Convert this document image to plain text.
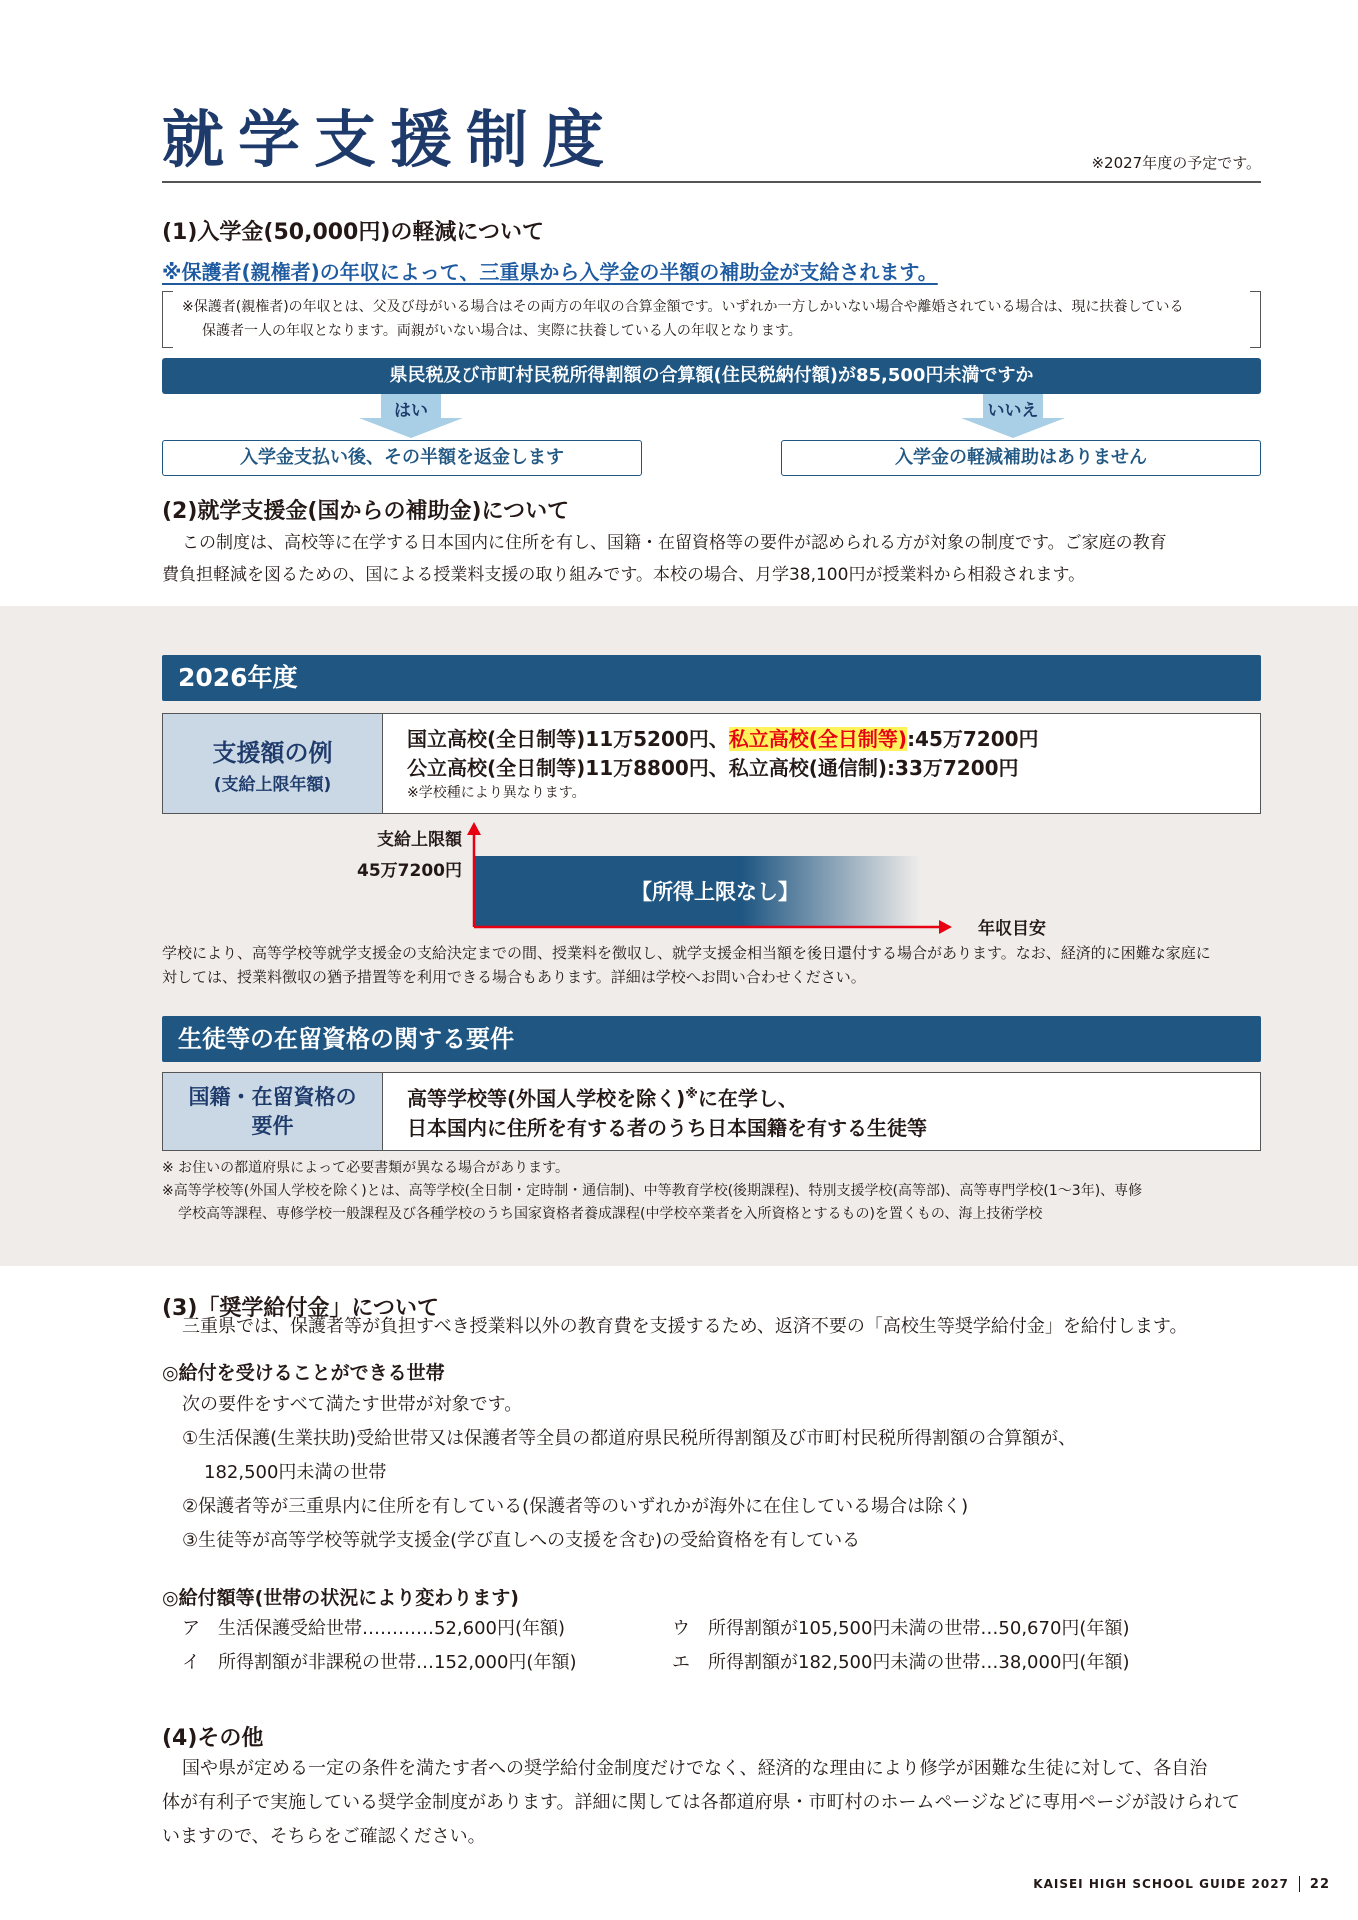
就学支援制度	※2027年度の予定です。
(1)入学金(50,000円)の軽減について
※保護者(親権者)の年収によって、三重県から入学金の半額の補助金が支給されます。
※保護者(親権者)の年収とは、父及び母がいる場合はその両方の年収の合算金額です。いずれか一方しかいない場合や離婚されている場合は、現に扶養している
保護者一人の年収となります。両親がいない場合は、実際に扶養している人の年収となります。
県民税及び市町村民税所得割額の合算額(住民税納付額)が85,500円未満ですか
はい	いいえ
入学金支払い後、その半額を返金します	入学金の軽減補助はありません
(2)就学支援金(国からの補助金)について
この制度は、高校等に在学する日本国内に住所を有し、国籍・在留資格等の要件が認められる方が対象の制度です。ご家庭の教育
費負担軽減を図るための、国による授業料支援の取り組みです。本校の場合、月学38,100円が授業料から相殺されます。
2026年度
支援額の例
(支給上限年額)
国立高校(全日制等)11万5200円、私立高校(全日制等):45万7200円
公立高校(全日制等)11万8800円、私立高校(通信制):33万7200円
※学校種により異なります。
支給上限額
45万7200円
【所得上限なし】
年収目安
学校により、高等学校等就学支援金の支給決定までの間、授業料を徴収し、就学支援金相当額を後日還付する場合があります。なお、経済的に困難な家庭に
対しては、授業料徴収の猶予措置等を利用できる場合もあります。詳細は学校へお問い合わせください。
生徒等の在留資格の関する要件
国籍・在留資格の
要件
高等学校等(外国人学校を除く)※に在学し、
日本国内に住所を有する者のうち日本国籍を有する生徒等
※ お住いの都道府県によって必要書類が異なる場合があります。
※高等学校等(外国人学校を除く)とは、高等学校(全日制・定時制・通信制)、中等教育学校(後期課程)、特別支援学校(高等部)、高等専門学校(1〜3年)、専修
学校高等課程、専修学校一般課程及び各種学校のうち国家資格者養成課程(中学校卒業者を入所資格とするもの)を置くもの、海上技術学校
(3)「奨学給付金」について
三重県では、保護者等が負担すべき授業料以外の教育費を支援するため、返済不要の「高校生等奨学給付金」を給付します。
◎給付を受けることができる世帯
次の要件をすべて満たす世帯が対象です。
①生活保護(生業扶助)受給世帯又は保護者等全員の都道府県民税所得割額及び市町村民税所得割額の合算額が、
182,500円未満の世帯
②保護者等が三重県内に住所を有している(保護者等のいずれかが海外に在住している場合は除く)
③生徒等が高等学校等就学支援金(学び直しへの支援を含む)の受給資格を有している
◎給付額等(世帯の状況により変わります)
ア　生活保護受給世帯…………52,600円(年額)
イ　所得割額が非課税の世帯…152,000円(年額)
ウ　所得割額が105,500円未満の世帯…50,670円(年額)
エ　所得割額が182,500円未満の世帯…38,000円(年額)
(4)その他
国や県が定める一定の条件を満たす者への奨学給付金制度だけでなく、経済的な理由により修学が困難な生徒に対して、各自治
体が有利子で実施している奨学金制度があります。詳細に関しては各都道府県・市町村のホームページなどに専用ページが設けられて
いますので、そちらをご確認ください。
KAISEI HIGH SCHOOL GUIDE 2027 22
